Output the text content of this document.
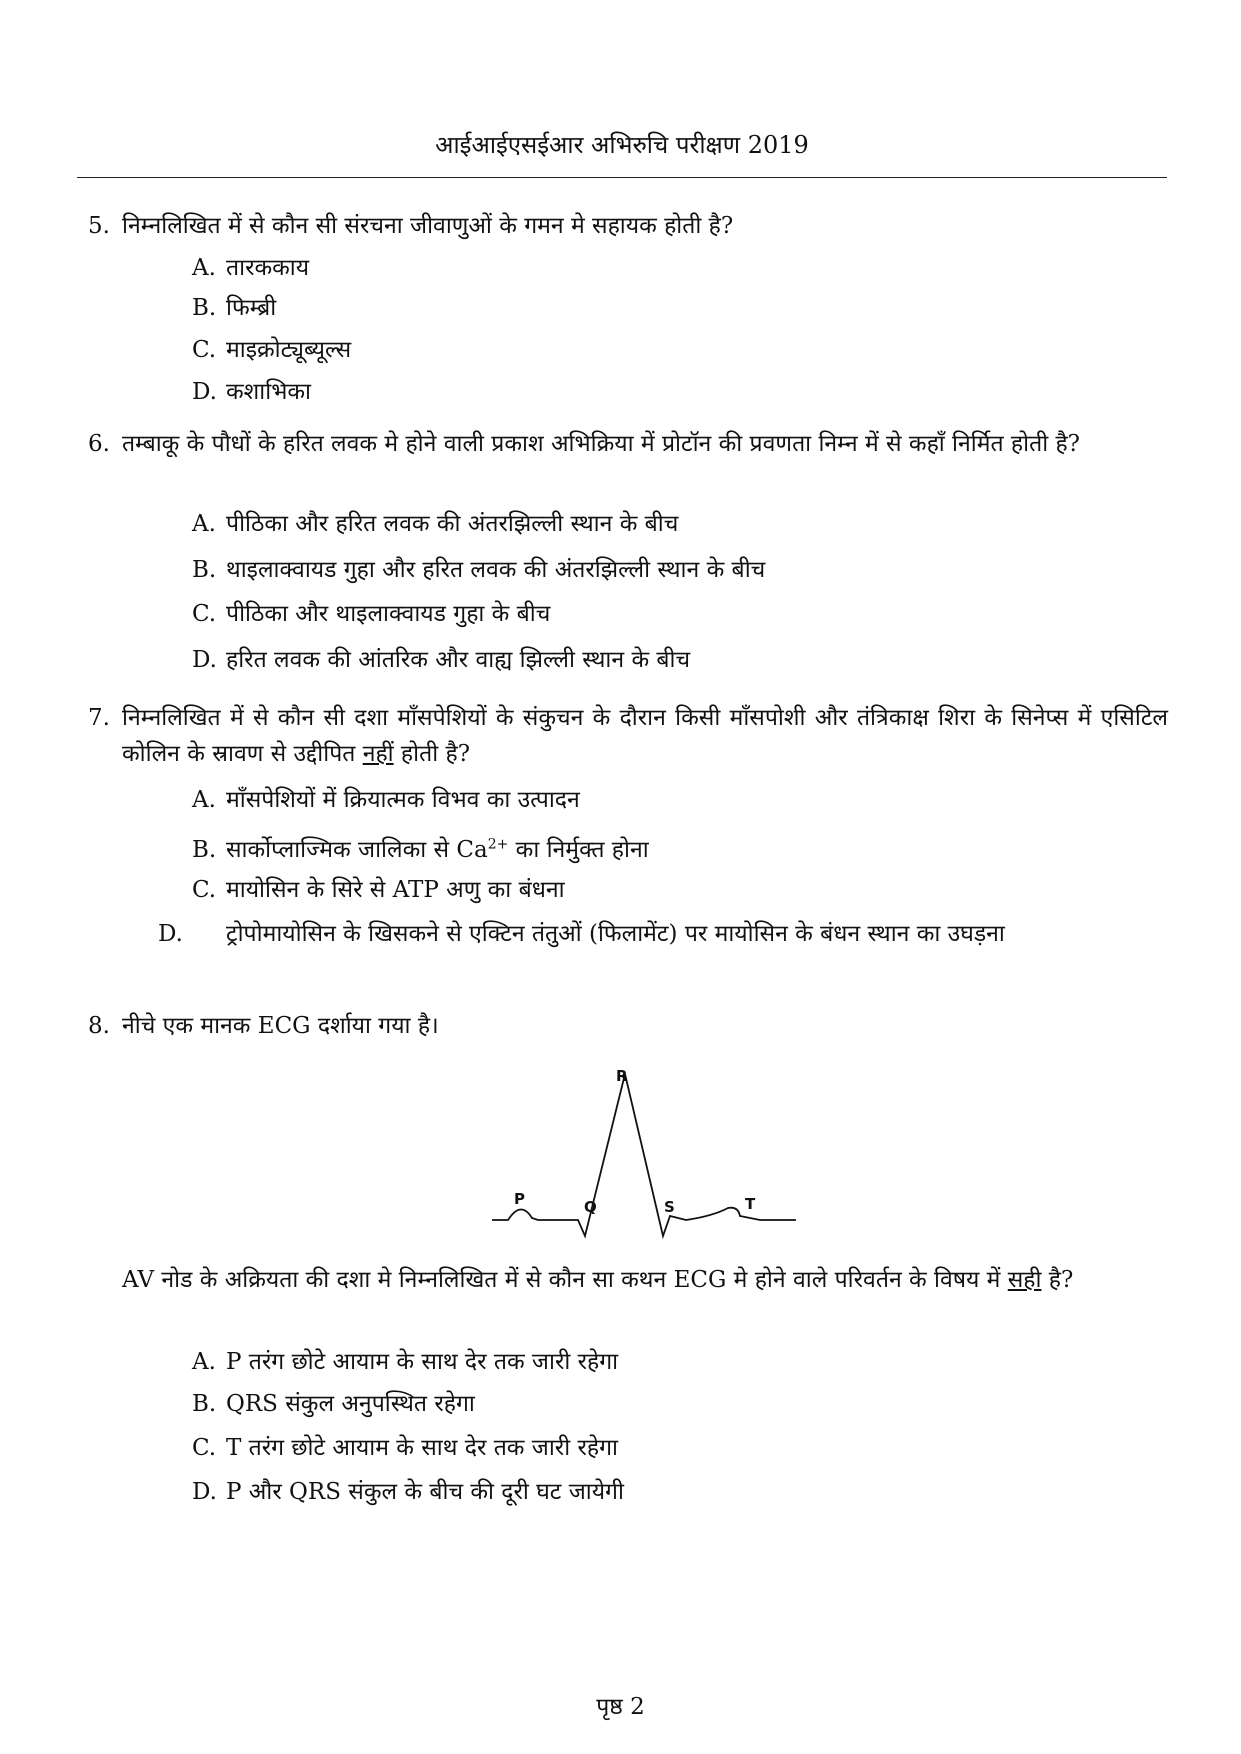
आईआईएसईआर अभिरुचि परीक्षण 2019
5. निम्नलिखित में से कौन सी संरचना जीवाणुओं के गमन मे सहायक होती है?
A. तारककाय
B. फिम्ब्री
C. माइक्रोट्यूब्यूल्स
D. कशाभिका
6. तम्बाकू के पौधों के हरित लवक मे होने वाली प्रकाश अभिक्रिया में प्रोटॉन की प्रवणता निम्न में से कहाँ निर्मित होती है?
A. पीठिका और हरित लवक की अंतरझिल्ली स्थान के बीच
B. थाइलाक्वायड गुहा और हरित लवक की अंतरझिल्ली स्थान के बीच
C. पीठिका और थाइलाक्वायड गुहा के बीच
D. हरित लवक की आंतरिक और वाह्य झिल्ली स्थान के बीच
7. निम्नलिखित में से कौन सी दशा माँसपेशियों के संकुचन के दौरान किसी माँसपोशी और तंत्रिकाक्ष शिरा के सिनेप्स में एसिटिल कोलिन के स्रावण से उद्दीपित नहीं होती है?
A. माँसपेशियों में क्रियात्मक विभव का उत्पादन
B. सार्कोप्लाज्मिक जालिका से $Ca^{2+}$ का निर्मुक्त होना
C. मायोसिन के सिरे से ATP अणु का बंधना
D. ट्रोपोमायोसिन के खिसकने से एक्टिन तंतुओं (फिलामेंट) पर मायोसिन के बंधन स्थान का उघड़ना
8. नीचे एक मानक ECG दर्शाया गया है।
R
P	Q	S	T
AV नोड के अक्रियता की दशा मे निम्नलिखित में से कौन सा कथन ECG मे होने वाले परिवर्तन के विषय में सही है?
A. P तरंग छोटे आयाम के साथ देर तक जारी रहेगा
B. QRS संकुल अनुपस्थित रहेगा
C. T तरंग छोटे आयाम के साथ देर तक जारी रहेगा
D. P और QRS संकुल के बीच की दूरी घट जायेगी
पृष्ठ 2
